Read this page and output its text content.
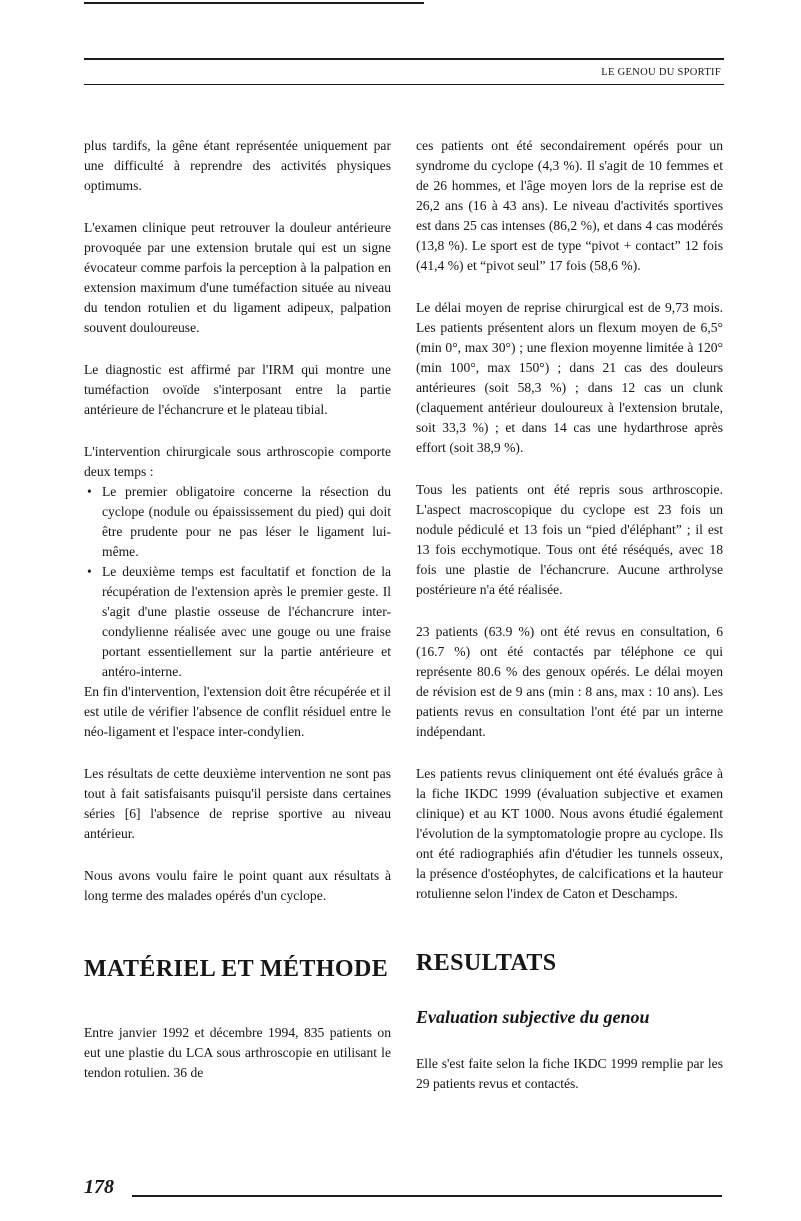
LE GENOU DU SPORTIF

plus tardifs, la gêne étant représentée uniquement par une difficulté à reprendre des activités physiques optimums.

L'examen clinique peut retrouver la douleur antérieure provoquée par une extension brutale qui est un signe évocateur comme parfois la perception à la palpation en extension maximum d'une tuméfaction située au niveau du tendon rotulien et du ligament adipeux, palpation souvent douloureuse.

Le diagnostic est affirmé par l'IRM qui montre une tuméfaction ovoïde s'interposant entre la partie antérieure de l'échancrure et le plateau tibial.

L'intervention chirurgicale sous arthroscopie comporte deux temps :

• Le premier obligatoire concerne la résection du cyclope (nodule ou épaississement du pied) qui doit être prudente pour ne pas léser le ligament lui-même.
• Le deuxième temps est facultatif et fonction de la récupération de l'extension après le premier geste. Il s'agit d'une plastie osseuse de l'échancrure inter-condylienne réalisée avec une gouge ou une fraise portant essentiellement sur la partie antérieure et antéro-interne.

En fin d'intervention, l'extension doit être récupérée et il est utile de vérifier l'absence de conflit résiduel entre le néo-ligament et l'espace inter-condylien.

Les résultats de cette deuxième intervention ne sont pas tout à fait satisfaisants puisqu'il persiste dans certaines séries [6] l'absence de reprise sportive au niveau antérieur.

Nous avons voulu faire le point quant aux résultats à long terme des malades opérés d'un cyclope.

MATÉRIEL ET MÉTHODE

Entre janvier 1992 et décembre 1994, 835 patients on eut une plastie du LCA sous arthroscopie en utilisant le tendon rotulien. 36 de

ces patients ont été secondairement opérés pour un syndrome du cyclope (4,3 %). Il s'agit de 10 femmes et de 26 hommes, et l'âge moyen lors de la reprise est de 26,2 ans (16 à 43 ans). Le niveau d'activités sportives est dans 25 cas intenses (86,2 %), et dans 4 cas modérés (13,8 %). Le sport est de type “pivot + contact” 12 fois (41,4 %) et “pivot seul” 17 fois (58,6 %).

Le délai moyen de reprise chirurgical est de 9,73 mois. Les patients présentent alors un flexum moyen de 6,5° (min 0°, max 30°) ; une flexion moyenne limitée à 120° (min 100°, max 150°) ; dans 21 cas des douleurs antérieures (soit 58,3 %) ; dans 12 cas un clunk (claquement antérieur douloureux à l'extension brutale, soit 33,3 %) ; et dans 14 cas une hydarthrose après effort (soit 38,9 %).

Tous les patients ont été repris sous arthroscopie. L'aspect macroscopique du cyclope est 23 fois un nodule pédiculé et 13 fois un “pied d'éléphant” ; il est 13 fois ecchymotique. Tous ont été réséqués, avec 18 fois une plastie de l'échancrure. Aucune arthrolyse postérieure n'a été réalisée.

23 patients (63.9 %) ont été revus en consultation, 6 (16.7 %) ont été contactés par téléphone ce qui représente 80.6 % des genoux opérés. Le délai moyen de révision est de 9 ans (min : 8 ans, max : 10 ans). Les patients revus en consultation l'ont été par un interne indépendant.

Les patients revus cliniquement ont été évalués grâce à la fiche IKDC 1999 (évaluation subjective et examen clinique) et au KT 1000. Nous avons étudié également l'évolution de la symptomatologie propre au cyclope. Ils ont été radiographiés afin d'étudier les tunnels osseux, la présence d'ostéophytes, de calcifications et la hauteur rotulienne selon l'index de Caton et Deschamps.

RESULTATS
Evaluation subjective du genou

Elle s'est faite selon la fiche IKDC 1999 remplie par les 29 patients revus et contactés.

178
